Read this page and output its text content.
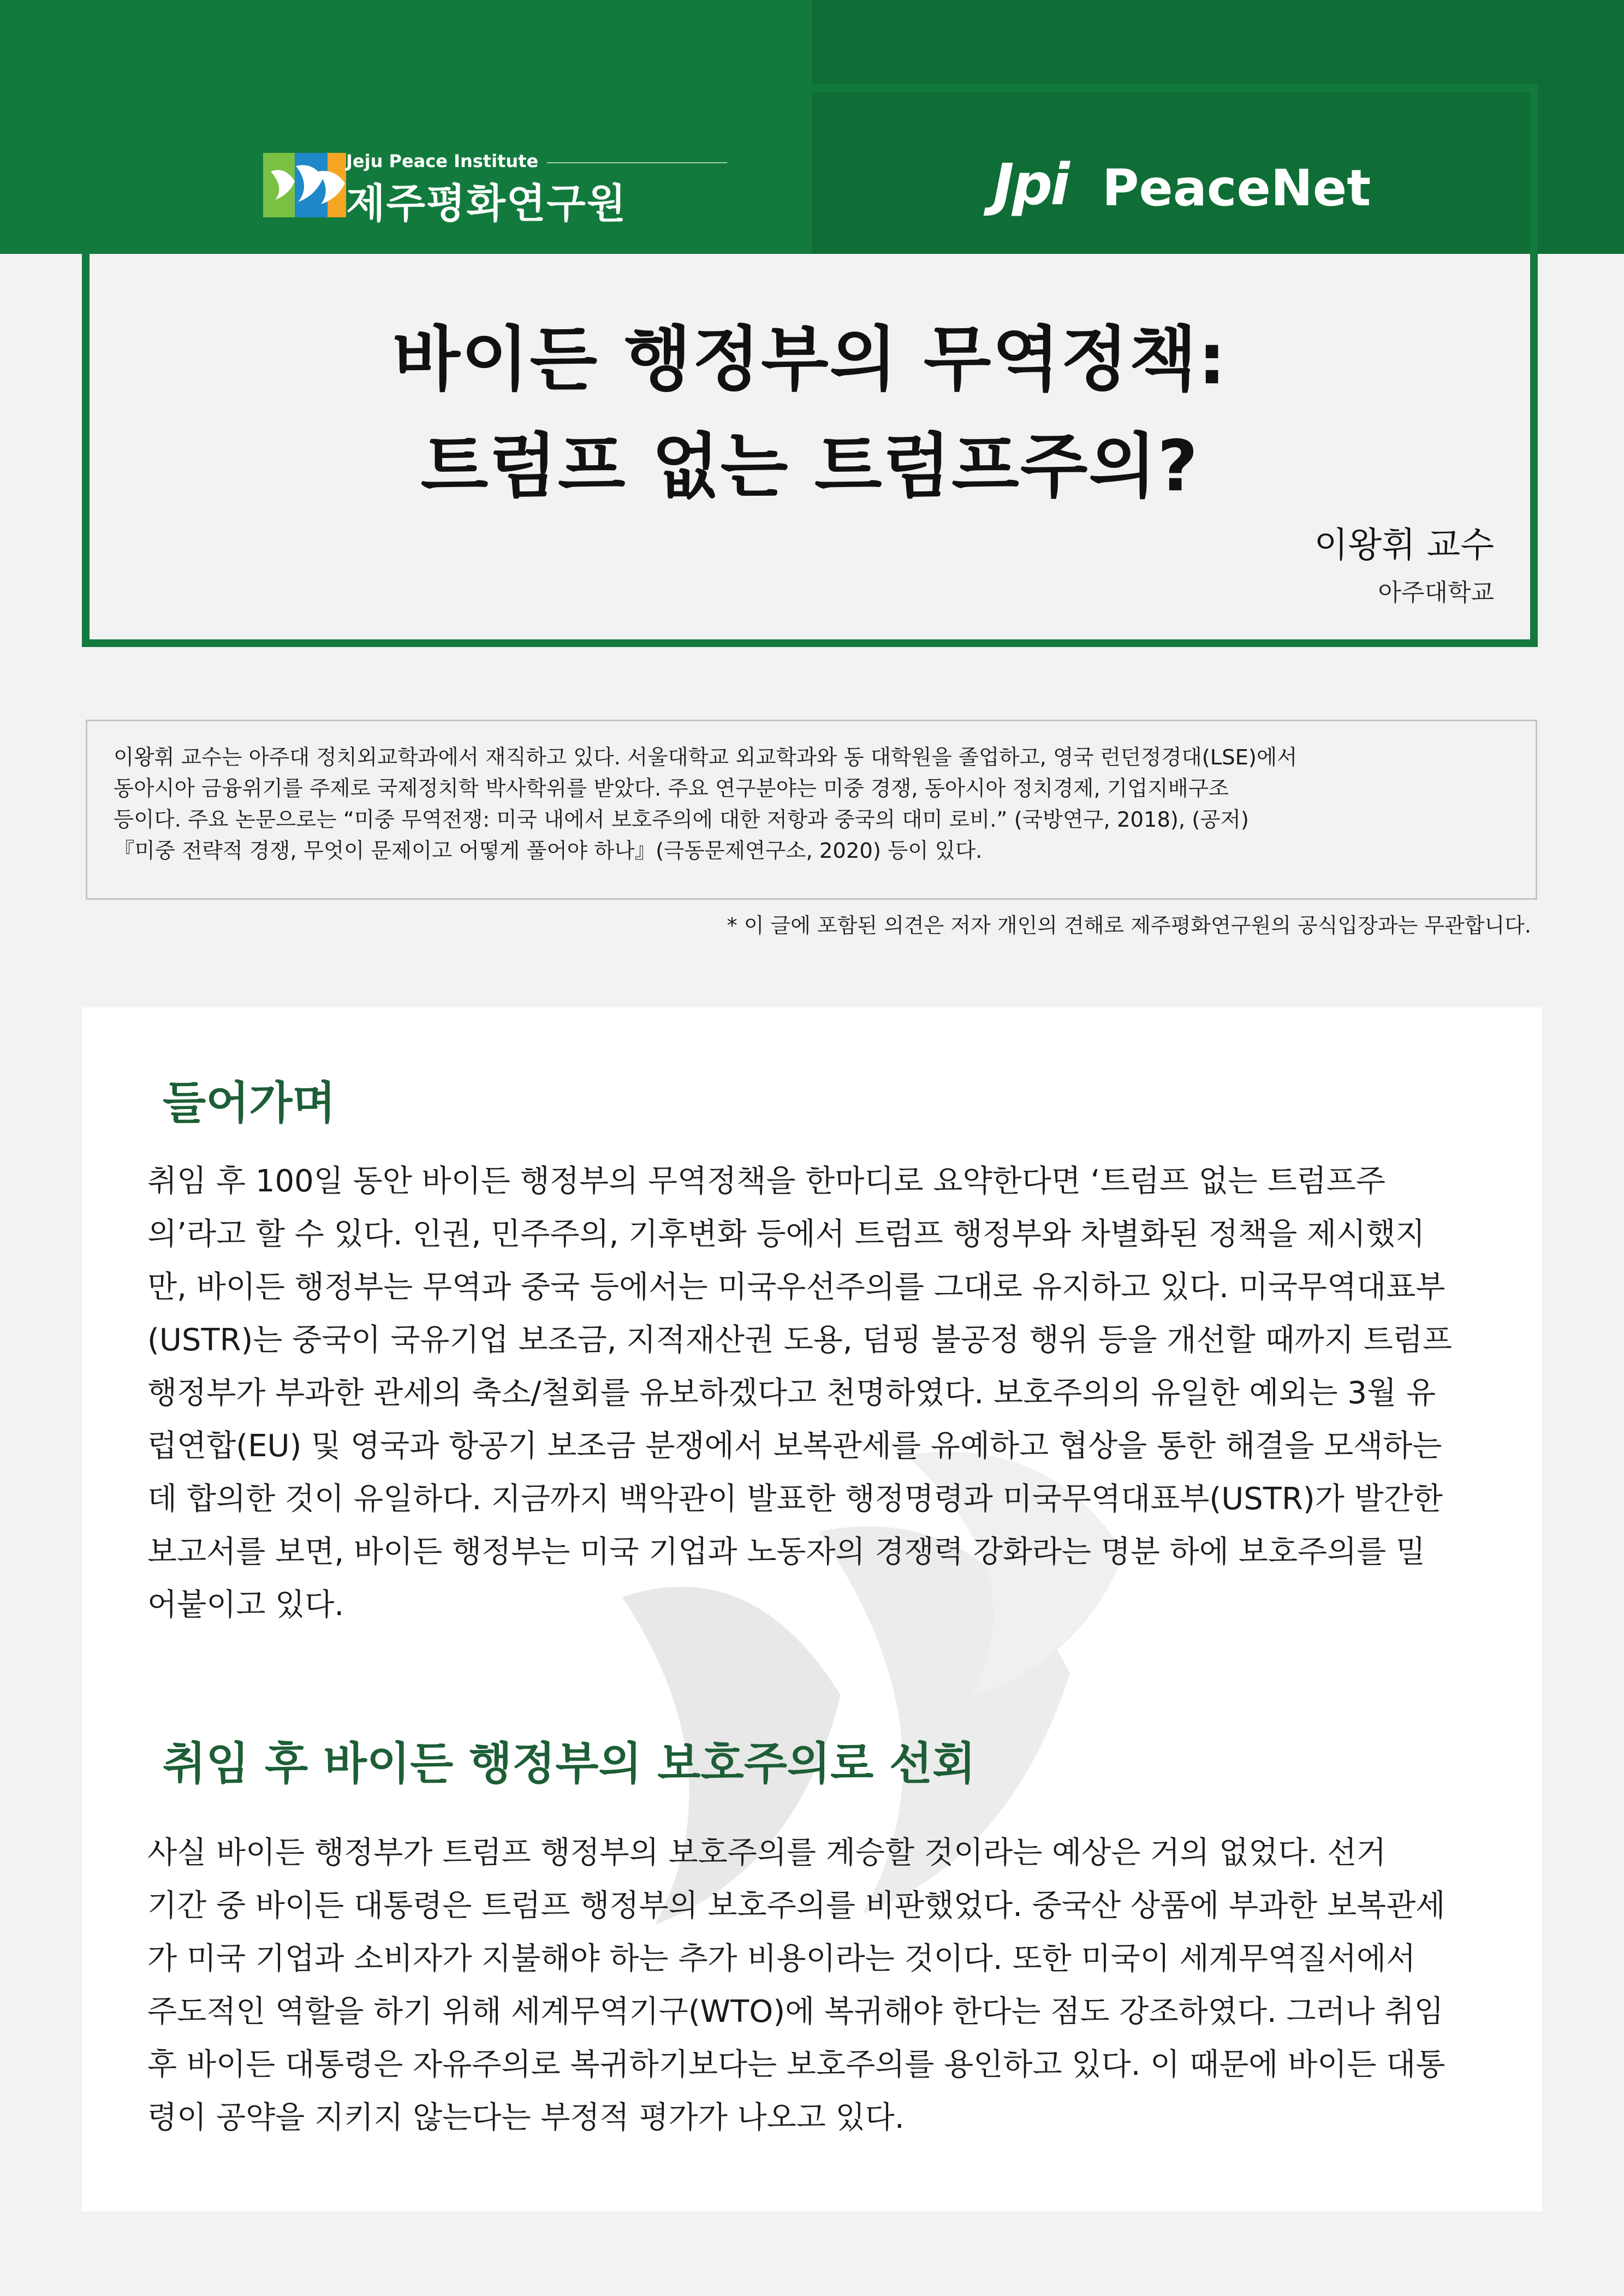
Jeju Peace Institute
제주평화연구원	Jpi PeaceNet
바이든 행정부의 무역정책:
트럼프 없는 트럼프주의?
이왕휘 교수
아주대학교
이왕휘 교수는 아주대 정치외교학과에서 재직하고 있다. 서울대학교 외교학과와 동 대학원을 졸업하고, 영국 런던정경대(LSE)에서
동아시아 금융위기를 주제로 국제정치학 박사학위를 받았다. 주요 연구분야는 미중 경쟁, 동아시아 정치경제, 기업지배구조
등이다. 주요 논문으로는 “미중 무역전쟁: 미국 내에서 보호주의에 대한 저항과 중국의 대미 로비.” (국방연구, 2018), (공저)
『미중 전략적 경쟁, 무엇이 문제이고 어떻게 풀어야 하나』(극동문제연구소, 2020) 등이 있다.
* 이 글에 포함된 의견은 저자 개인의 견해로 제주평화연구원의 공식입장과는 무관합니다.
들어가며
취임 후 100일 동안 바이든 행정부의 무역정책을 한마디로 요약한다면 ‘트럼프 없는 트럼프주
의’라고 할 수 있다. 인권, 민주주의, 기후변화 등에서 트럼프 행정부와 차별화된 정책을 제시했지
만, 바이든 행정부는 무역과 중국 등에서는 미국우선주의를 그대로 유지하고 있다. 미국무역대표부
(USTR)는 중국이 국유기업 보조금, 지적재산권 도용, 덤핑 불공정 행위 등을 개선할 때까지 트럼프
행정부가 부과한 관세의 축소/철회를 유보하겠다고 천명하였다. 보호주의의 유일한 예외는 3월 유
럽연합(EU) 및 영국과 항공기 보조금 분쟁에서 보복관세를 유예하고 협상을 통한 해결을 모색하는
데 합의한 것이 유일하다. 지금까지 백악관이 발표한 행정명령과 미국무역대표부(USTR)가 발간한
보고서를 보면, 바이든 행정부는 미국 기업과 노동자의 경쟁력 강화라는 명분 하에 보호주의를 밀
어붙이고 있다.
취임 후 바이든 행정부의 보호주의로 선회
사실 바이든 행정부가 트럼프 행정부의 보호주의를 계승할 것이라는 예상은 거의 없었다. 선거
기간 중 바이든 대통령은 트럼프 행정부의 보호주의를 비판했었다. 중국산 상품에 부과한 보복관세
가 미국 기업과 소비자가 지불해야 하는 추가 비용이라는 것이다. 또한 미국이 세계무역질서에서
주도적인 역할을 하기 위해 세계무역기구(WTO)에 복귀해야 한다는 점도 강조하였다. 그러나 취임
후 바이든 대통령은 자유주의로 복귀하기보다는 보호주의를 용인하고 있다. 이 때문에 바이든 대통
령이 공약을 지키지 않는다는 부정적 평가가 나오고 있다.
